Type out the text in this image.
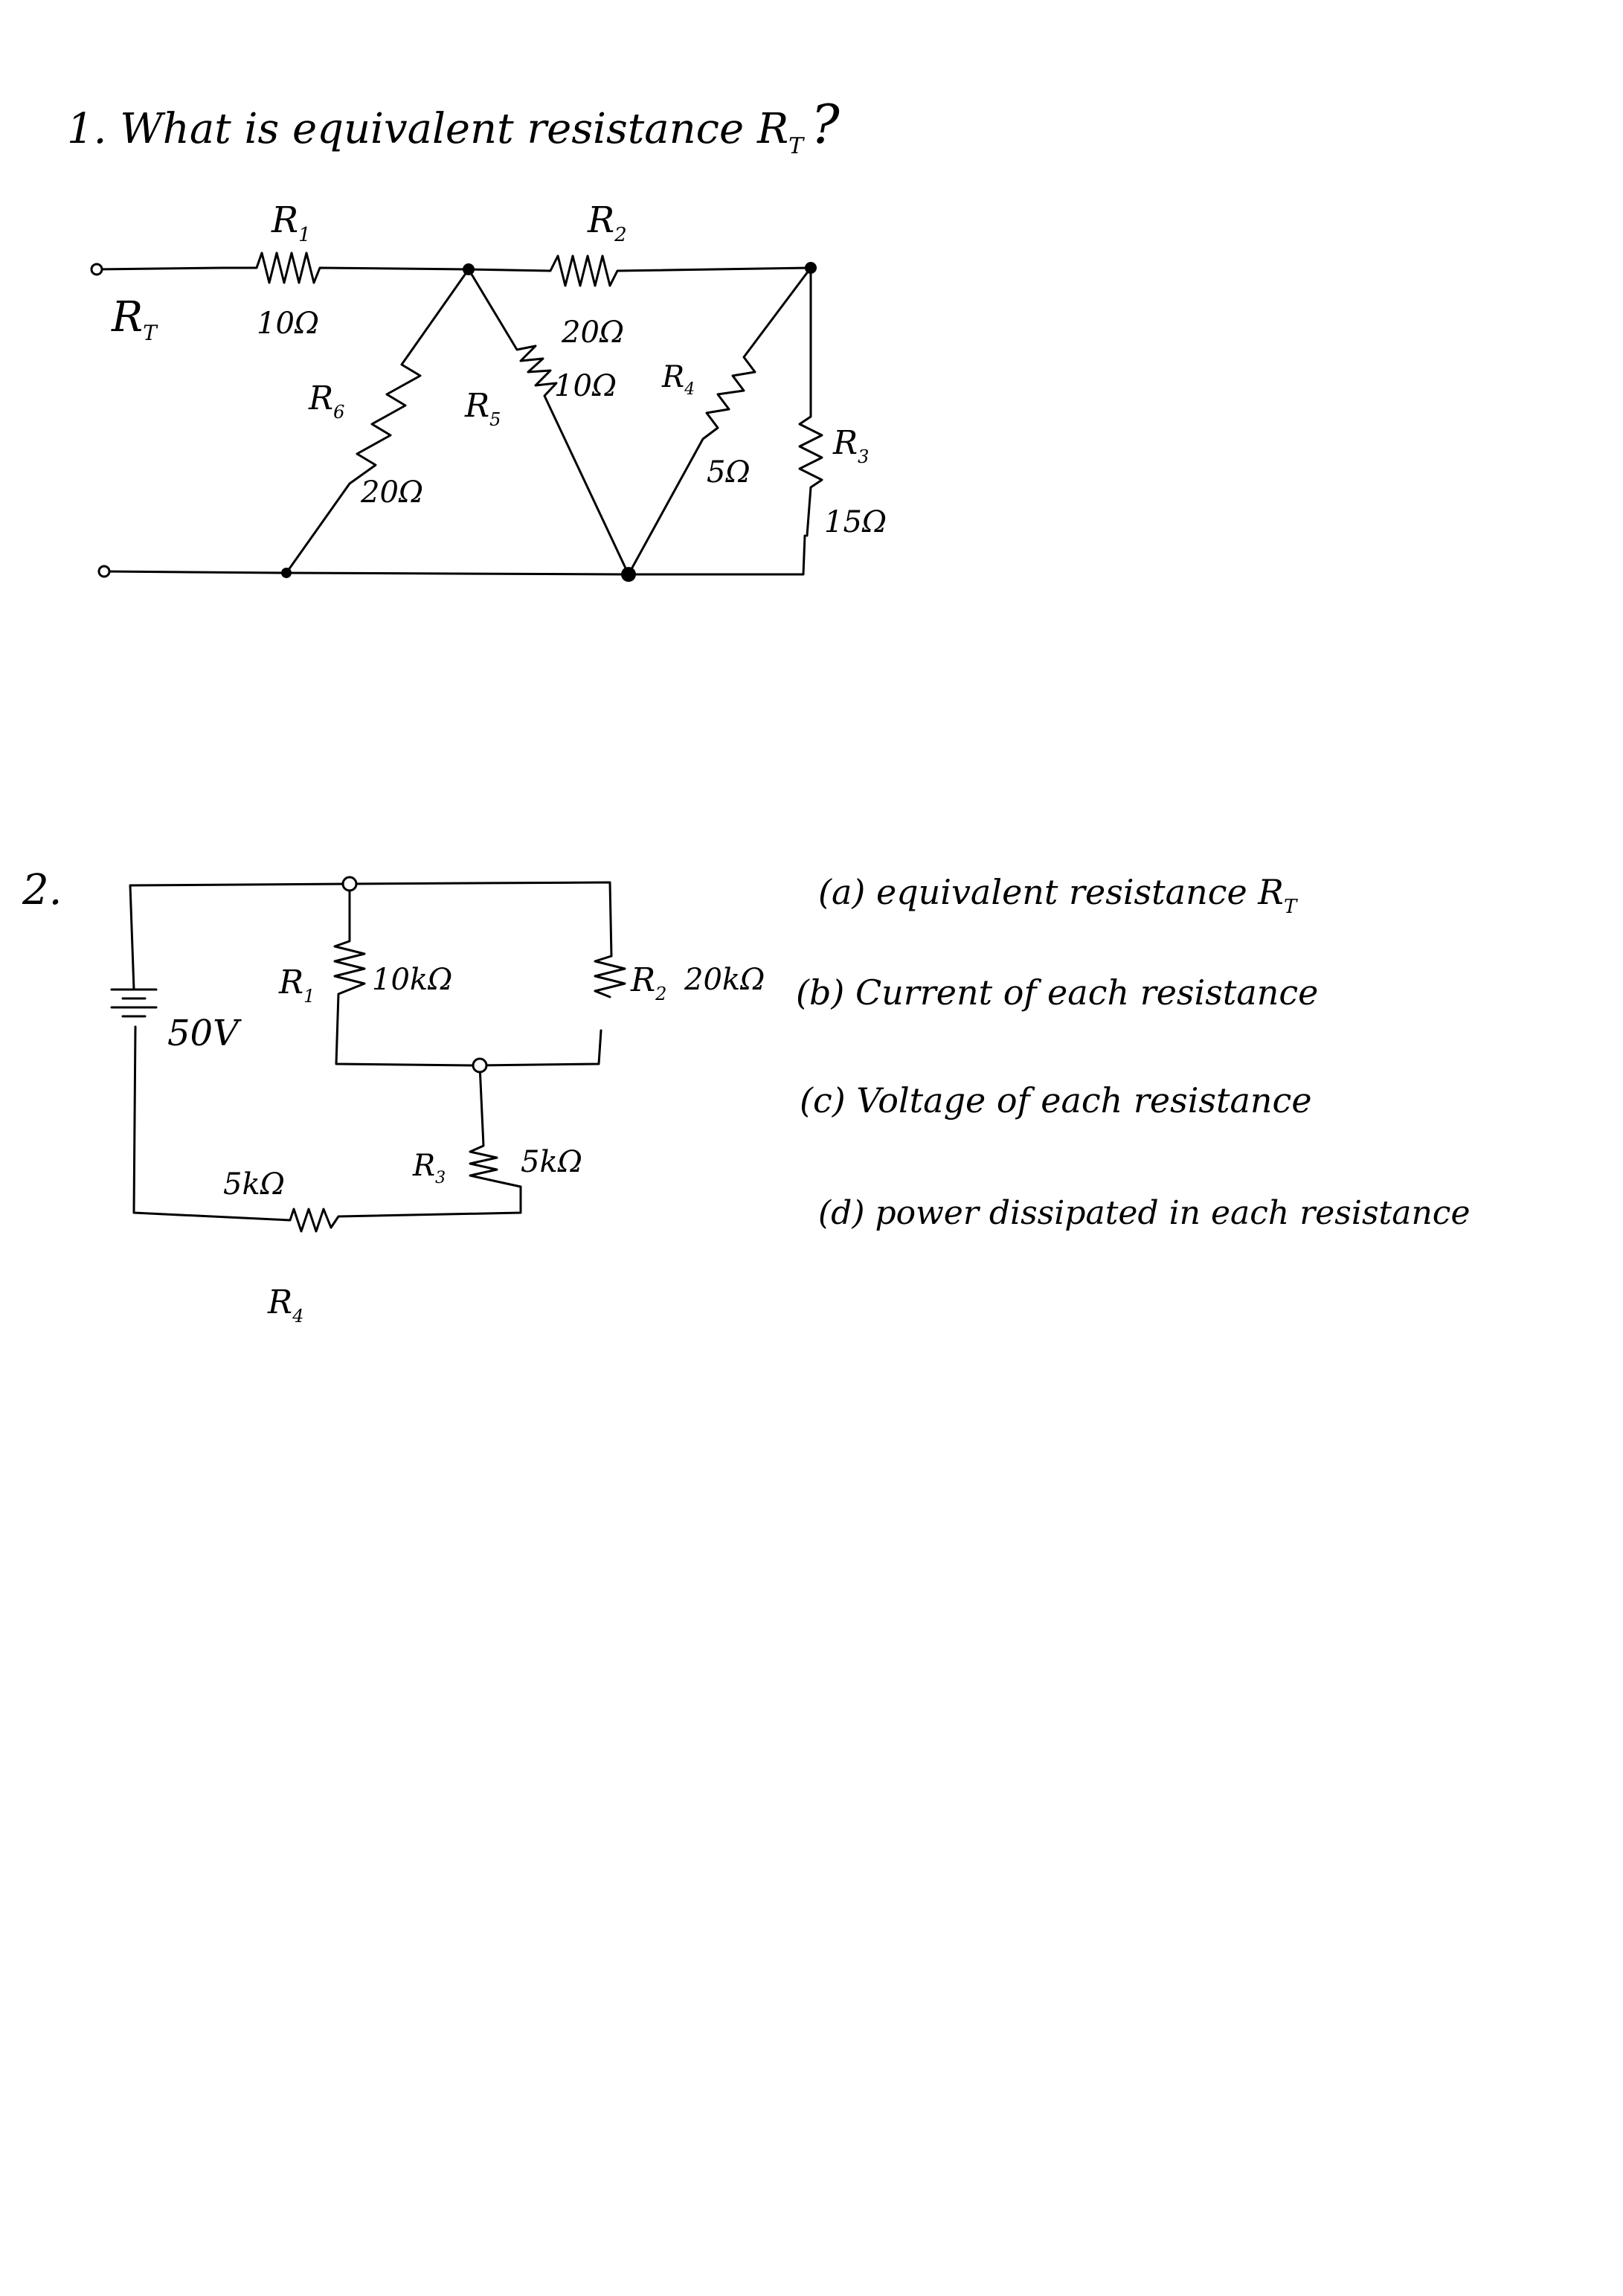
1. What is equivalent resistance $R_T$ ?
$R_T$
$R_1$
10Ω
$R_2$
20Ω
$R_3$
15Ω
$R_4$
5Ω
$R_5$
10Ω
$R_6$
20Ω
2.
50V
$R_1$ 10kΩ	$R_2$ 20kΩ
$R_3$	5kΩ
5kΩ
$R_4$
(a) equivalent resistance $R_T$
(b) Current of each resistance
(c) Voltage of each resistance
(d) power dissipated in each resistance
